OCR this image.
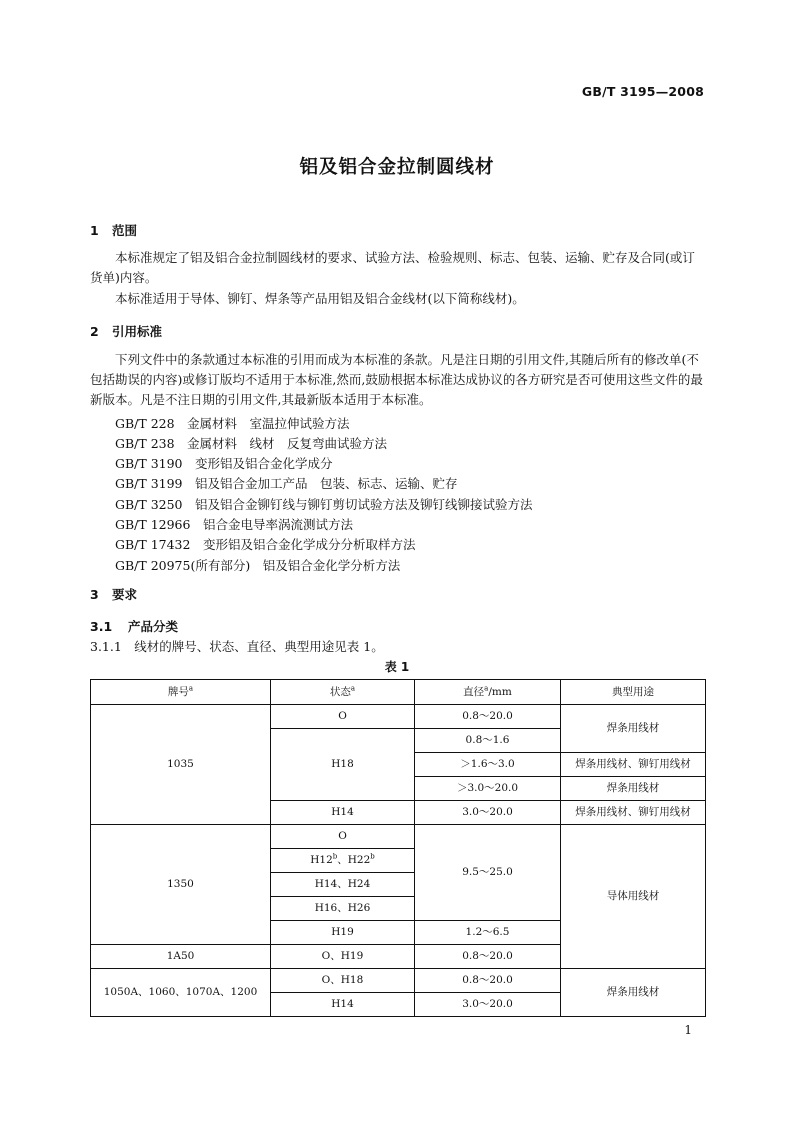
GB/T 3195—2008
铝及铝合金拉制圆线材
1 范围
本标准规定了铝及铝合金拉制圆线材的要求、试验方法、检验规则、标志、包装、运输、贮存及合同(或订货单)内容。
本标准适用于导体、铆钉、焊条等产品用铝及铝合金线材(以下简称线材)。
2 引用标准
下列文件中的条款通过本标准的引用而成为本标准的条款。凡是注日期的引用文件,其随后所有的修改单(不包括勘误的内容)或修订版均不适用于本标准,然而,鼓励根据本标准达成协议的各方研究是否可使用这些文件的最新版本。凡是不注日期的引用文件,其最新版本适用于本标准。
GB/T 228　金属材料　室温拉伸试验方法
GB/T 238　金属材料　线材　反复弯曲试验方法
GB/T 3190　变形铝及铝合金化学成分
GB/T 3199　铝及铝合金加工产品　包装、标志、运输、贮存
GB/T 3250　铝及铝合金铆钉线与铆钉剪切试验方法及铆钉线铆接试验方法
GB/T 12966　铝合金电导率涡流测试方法
GB/T 17432　变形铝及铝合金化学成分分析取样方法
GB/T 20975(所有部分)　铝及铝合金化学分析方法
3 要求
3.1 产品分类
3.1.1　线材的牌号、状态、直径、典型用途见表 1。
表 1
牌号$^a$	状态$^a$	直径$^a$/mm	典型用途
1035	O	0.8～20.0	焊条用线材
	H18	0.8～1.6	
		＞1.6～3.0	焊条用线材、铆钉用线材
		＞3.0～20.0	焊条用线材
	H14	3.0～20.0	焊条用线材、铆钉用线材
1350	O	9.5～25.0	导体用线材
	H12$^b$、H22$^b$
	H14、H24		
	H16、H26		
	H19	1.2～6.5	
1A50	O、H19	0.8～20.0	
1050A、1060、1070A、1200	O、H18	0.8～20.0	焊条用线材
	H14	3.0～20.0	
1
